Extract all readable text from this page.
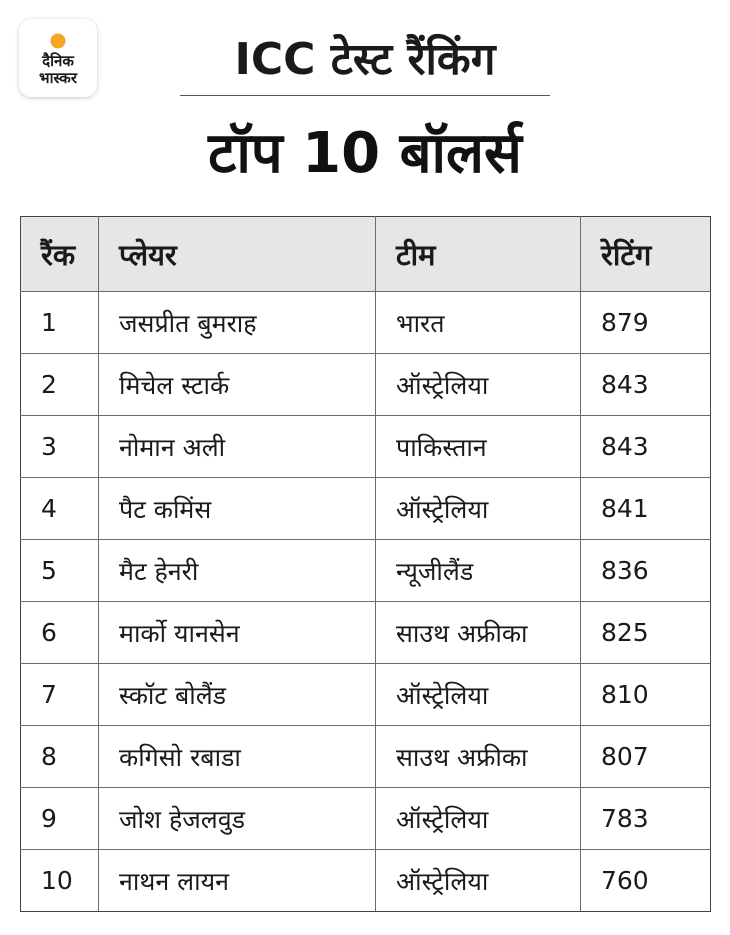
दैनिक
भास्कर	ICC टेस्ट रैंकिंग
टॉप 10 बॉलर्स
रैंक	प्लेयर	टीम	रेटिंग
1	जसप्रीत बुमराह	भारत	879
2	मिचेल स्टार्क	ऑस्ट्रेलिया	843
3	नोमान अली	पाकिस्तान	843
4	पैट कमिंस	ऑस्ट्रेलिया	841
5	मैट हेनरी	न्यूजीलैंड	836
6	मार्को यानसेन	साउथ अफ्रीका	825
7	स्कॉट बोलैंड	ऑस्ट्रेलिया	810
8	कगिसो रबाडा	साउथ अफ्रीका	807
9	जोश हेजलवुड	ऑस्ट्रेलिया	783
10	नाथन लायन	ऑस्ट्रेलिया	760
